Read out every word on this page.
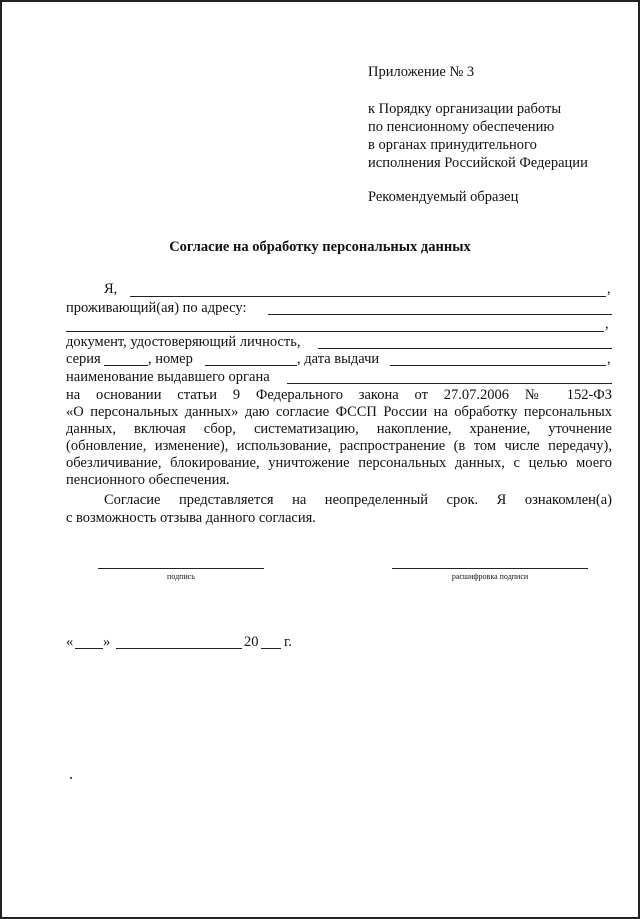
Приложение № 3
к Порядку организации работы
по пенсионному обеспечению
в органах принудительного
исполнения Российской Федерации
Рекомендуемый образец
Согласие на обработку персональных данных
Я,	,
проживающий(ая) по адресу:
,
документ, удостоверяющий личность,
серия	, номер	, дата выдачи	,
наименование выдавшего органа
на основании статьи 9 Федерального закона от 27.07.2006 № 152-ФЗ
«О персональных данных» даю согласие ФССП России на обработку персональных
данных, включая сбор, систематизацию, накопление, хранение, уточнение
(обновление, изменение), использование, распространение (в том числе передачу),
обезличивание, блокирование, уничтожение персональных данных, с целью моего
пенсионного обеспечения.
Согласие представляется на неопределенный срок. Я ознакомлен(а)
с возможность отзыва данного согласия.
подпись	расшифровка подписи
« »	20 г.
